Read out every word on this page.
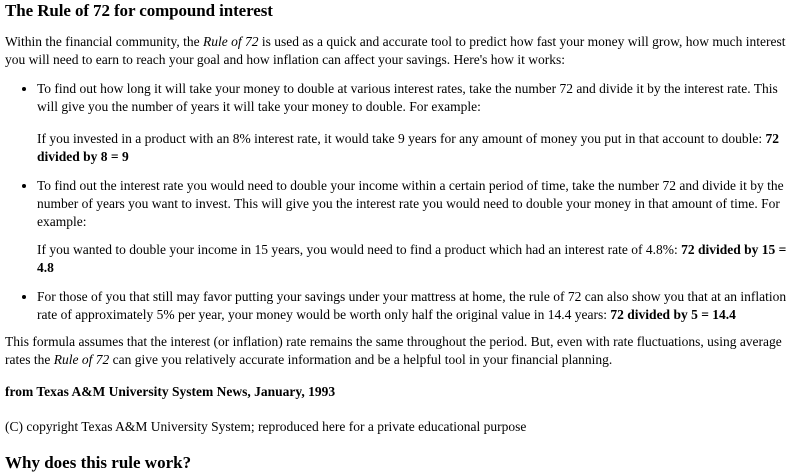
The Rule of 72 for compound interest

Within the financial community, the Rule of 72 is used as a quick and accurate tool to predict how fast your money will grow, how much interest you will need to earn to reach your goal and how inflation can affect your savings. Here's how it works:

• To find out how long it will take your money to double at various interest rates, take the number 72 and divide it by the interest rate. This will give you the number of years it will take your money to double. For example:

If you invested in a product with an 8% interest rate, it would take 9 years for any amount of money you put in that account to double: 72 divided by 8 = 9

• To find out the interest rate you would need to double your income within a certain period of time, take the number 72 and divide it by the number of years you want to invest. This will give you the interest rate you would need to double your money in that amount of time. For example:

If you wanted to double your income in 15 years, you would need to find a product which had an interest rate of 4.8%: 72 divided by 15 = 4.8

• For those of you that still may favor putting your savings under your mattress at home, the rule of 72 can also show you that at an inflation rate of approximately 5% per year, your money would be worth only half the original value in 14.4 years: 72 divided by 5 = 14.4

This formula assumes that the interest (or inflation) rate remains the same throughout the period. But, even with rate fluctuations, using average rates the Rule of 72 can give you relatively accurate information and be a helpful tool in your financial planning.

from Texas A&M University System News, January, 1993

(C) copyright Texas A&M University System; reproduced here for a private educational purpose

Why does this rule work?
